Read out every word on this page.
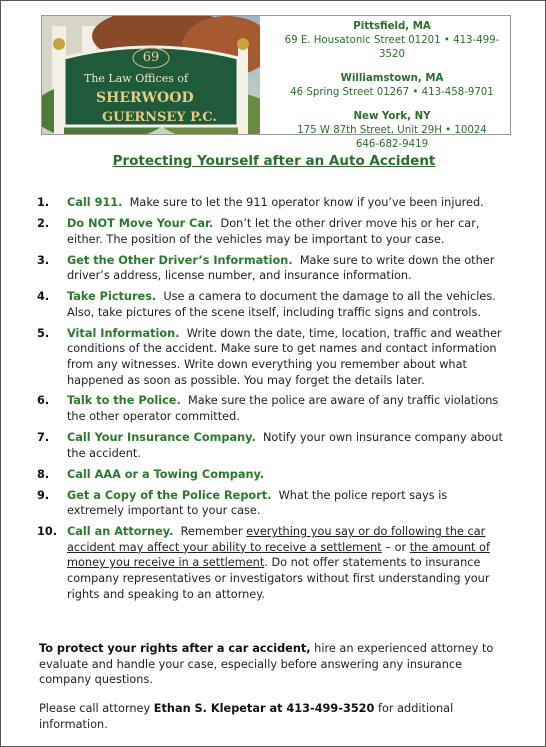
69
The Law Offices of
SHERWOOD
GUERNSEY P.C.
Pittsfield, MA
69 E. Housatonic Street 01201 • 413-499-3520
Williamstown, MA
46 Spring Street 01267 • 413-458-9701
New York, NY
175 W 87th Street, Unit 29H • 10024
646-682-9419
Protecting Yourself after an Auto Accident
1. Call 911. Make sure to let the 911 operator know if you’ve been injured.
2. Do NOT Move Your Car. Don’t let the other driver move his or her car, either. The position of the vehicles may be important to your case.
3. Get the Other Driver’s Information. Make sure to write down the other driver’s address, license number, and insurance information.
4. Take Pictures. Use a camera to document the damage to all the vehicles. Also, take pictures of the scene itself, including traffic signs and controls.
5. Vital Information. Write down the date, time, location, traffic and weather conditions of the accident. Make sure to get names and contact information from any witnesses. Write down everything you remember about what happened as soon as possible. You may forget the details later.
6. Talk to the Police. Make sure the police are aware of any traffic violations the other operator committed.
7. Call Your Insurance Company. Notify your own insurance company about the accident.
8. Call AAA or a Towing Company.
9. Get a Copy of the Police Report. What the police report says is extremely important to your case.
10. Call an Attorney. Remember everything you say or do following the car accident may affect your ability to receive a settlement – or the amount of money you receive in a settlement. Do not offer statements to insurance company representatives or investigators without first understanding your rights and speaking to an attorney.

To protect your rights after a car accident, hire an experienced attorney to evaluate and handle your case, especially before answering any insurance company questions.

Please call attorney Ethan S. Klepetar at 413-499-3520 for additional information.
